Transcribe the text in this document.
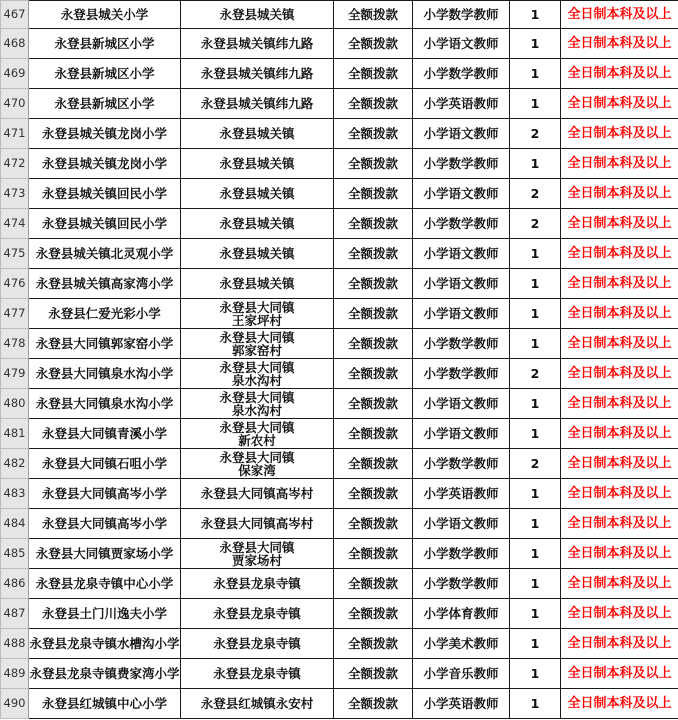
467	永登县城关小学	永登县城关镇	全额拨款	小学数学教师	1	全日制本科及以上
468	永登县新城区小学	永登县城关镇纬九路	全额拨款	小学语文教师	1	全日制本科及以上
469	永登县新城区小学	永登县城关镇纬九路	全额拨款	小学数学教师	1	全日制本科及以上
470	永登县新城区小学	永登县城关镇纬九路	全额拨款	小学英语教师	1	全日制本科及以上
471	永登县城关镇龙岗小学	永登县城关镇	全额拨款	小学语文教师	2	全日制本科及以上
472	永登县城关镇龙岗小学	永登县城关镇	全额拨款	小学数学教师	1	全日制本科及以上
473	永登县城关镇回民小学	永登县城关镇	全额拨款	小学语文教师	2	全日制本科及以上
474	永登县城关镇回民小学	永登县城关镇	全额拨款	小学数学教师	2	全日制本科及以上
475	永登县城关镇北灵观小学	永登县城关镇	全额拨款	小学语文教师	1	全日制本科及以上
476	永登县城关镇高家湾小学	永登县城关镇	全额拨款	小学语文教师	1	全日制本科及以上
477	永登县仁爱光彩小学	永登县大同镇
王家坪村	全额拨款	小学语文教师	1	全日制本科及以上
478	永登县大同镇郭家窑小学	永登县大同镇
郭家窑村	全额拨款	小学数学教师	1	全日制本科及以上
479	永登县大同镇泉水沟小学	永登县大同镇
泉水沟村	全额拨款	小学数学教师	2	全日制本科及以上
480	永登县大同镇泉水沟小学	永登县大同镇
泉水沟村	全额拨款	小学语文教师	1	全日制本科及以上
481	永登县大同镇青溪小学	永登县大同镇
新农村	全额拨款	小学语文教师	1	全日制本科及以上
482	永登县大同镇石咀小学	永登县大同镇
保家湾	全额拨款	小学数学教师	2	全日制本科及以上
483	永登县大同镇高岑小学	永登县大同镇高岑村	全额拨款	小学英语教师	1	全日制本科及以上
484	永登县大同镇高岑小学	永登县大同镇高岑村	全额拨款	小学语文教师	1	全日制本科及以上
485	永登县大同镇贾家场小学	永登县大同镇
贾家场村	全额拨款	小学数学教师	1	全日制本科及以上
486	永登县龙泉寺镇中心小学	永登县龙泉寺镇	全额拨款	小学数学教师	1	全日制本科及以上
487	永登县土门川逸夫小学	永登县龙泉寺镇	全额拨款	小学体育教师	1	全日制本科及以上
488	永登县龙泉寺镇水槽沟小学	永登县龙泉寺镇	全额拨款	小学美术教师	1	全日制本科及以上
489	永登县龙泉寺镇费家湾小学	永登县龙泉寺镇	全额拨款	小学音乐教师	1	全日制本科及以上
490	永登县红城镇中心小学	永登县红城镇永安村	全额拨款	小学英语教师	1	全日制本科及以上
